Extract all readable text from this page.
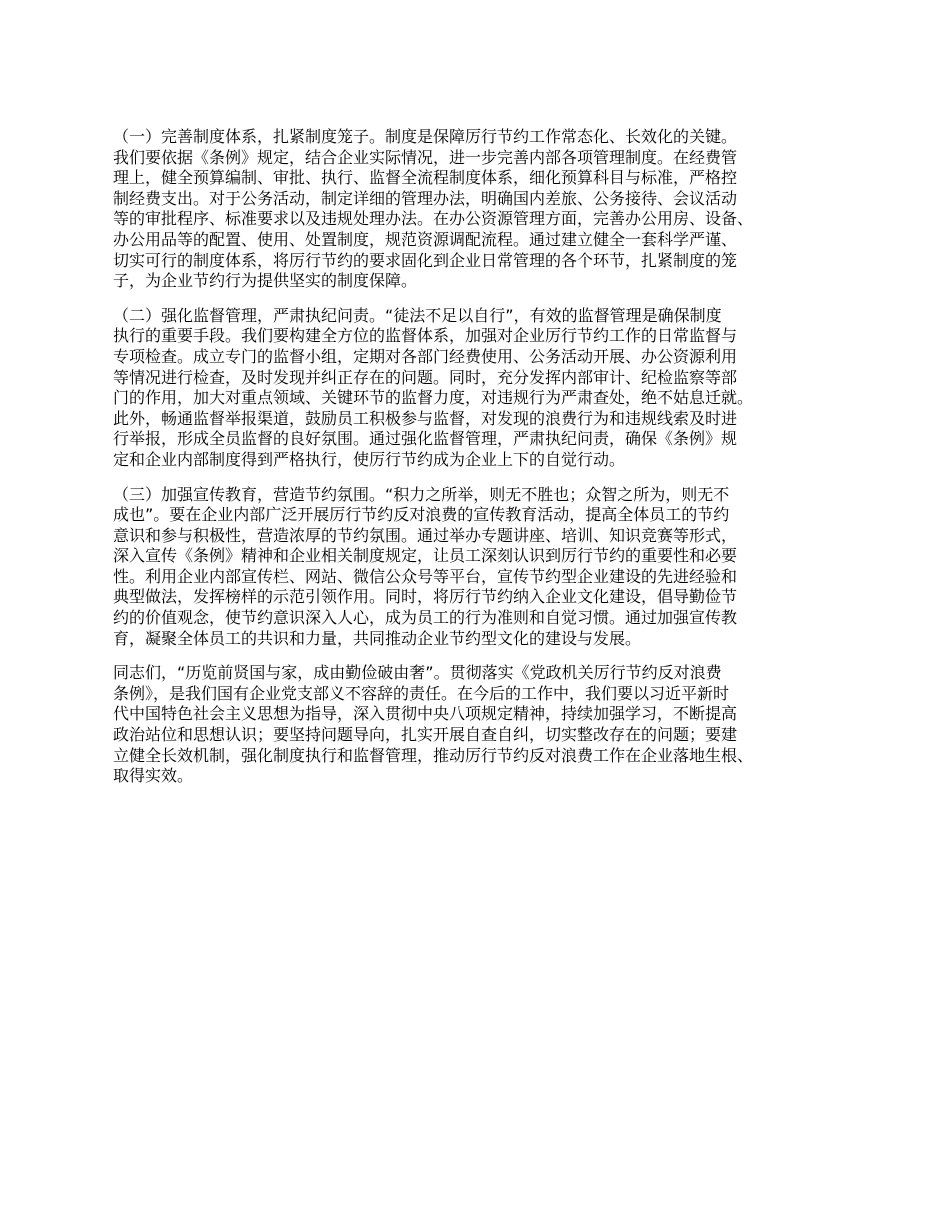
（一）完善制度体系，扎紧制度笼子。制度是保障厉行节约工作常态化、长效化的关键。
我们要依据《条例》规定，结合企业实际情况，进一步完善内部各项管理制度。在经费管
理上，健全预算编制、审批、执行、监督全流程制度体系，细化预算科目与标准，严格控
制经费支出。对于公务活动，制定详细的管理办法，明确国内差旅、公务接待、会议活动
等的审批程序、标准要求以及违规处理办法。在办公资源管理方面，完善办公用房、设备、
办公用品等的配置、使用、处置制度，规范资源调配流程。通过建立健全一套科学严谨、
切实可行的制度体系，将厉行节约的要求固化到企业日常管理的各个环节，扎紧制度的笼
子，为企业节约行为提供坚实的制度保障。

（二）强化监督管理，严肃执纪问责。“徒法不足以自行”，有效的监督管理是确保制度
执行的重要手段。我们要构建全方位的监督体系，加强对企业厉行节约工作的日常监督与
专项检查。成立专门的监督小组，定期对各部门经费使用、公务活动开展、办公资源利用
等情况进行检查，及时发现并纠正存在的问题。同时，充分发挥内部审计、纪检监察等部
门的作用，加大对重点领域、关键环节的监督力度，对违规行为严肃查处，绝不姑息迁就。
此外，畅通监督举报渠道，鼓励员工积极参与监督，对发现的浪费行为和违规线索及时进
行举报，形成全员监督的良好氛围。通过强化监督管理，严肃执纪问责，确保《条例》规
定和企业内部制度得到严格执行，使厉行节约成为企业上下的自觉行动。

（三）加强宣传教育，营造节约氛围。“积力之所举，则无不胜也；众智之所为，则无不
成也”。要在企业内部广泛开展厉行节约反对浪费的宣传教育活动，提高全体员工的节约
意识和参与积极性，营造浓厚的节约氛围。通过举办专题讲座、培训、知识竞赛等形式，
深入宣传《条例》精神和企业相关制度规定，让员工深刻认识到厉行节约的重要性和必要
性。利用企业内部宣传栏、网站、微信公众号等平台，宣传节约型企业建设的先进经验和
典型做法，发挥榜样的示范引领作用。同时，将厉行节约纳入企业文化建设，倡导勤俭节
约的价值观念，使节约意识深入人心，成为员工的行为准则和自觉习惯。通过加强宣传教
育，凝聚全体员工的共识和力量，共同推动企业节约型文化的建设与发展。

同志们，“历览前贤国与家，成由勤俭破由奢”。贯彻落实《党政机关厉行节约反对浪费
条例》，是我们国有企业党支部义不容辞的责任。在今后的工作中，我们要以习近平新时
代中国特色社会主义思想为指导，深入贯彻中央八项规定精神，持续加强学习，不断提高
政治站位和思想认识；要坚持问题导向，扎实开展自查自纠，切实整改存在的问题；要建
立健全长效机制，强化制度执行和监督管理，推动厉行节约反对浪费工作在企业落地生根、
取得实效。
